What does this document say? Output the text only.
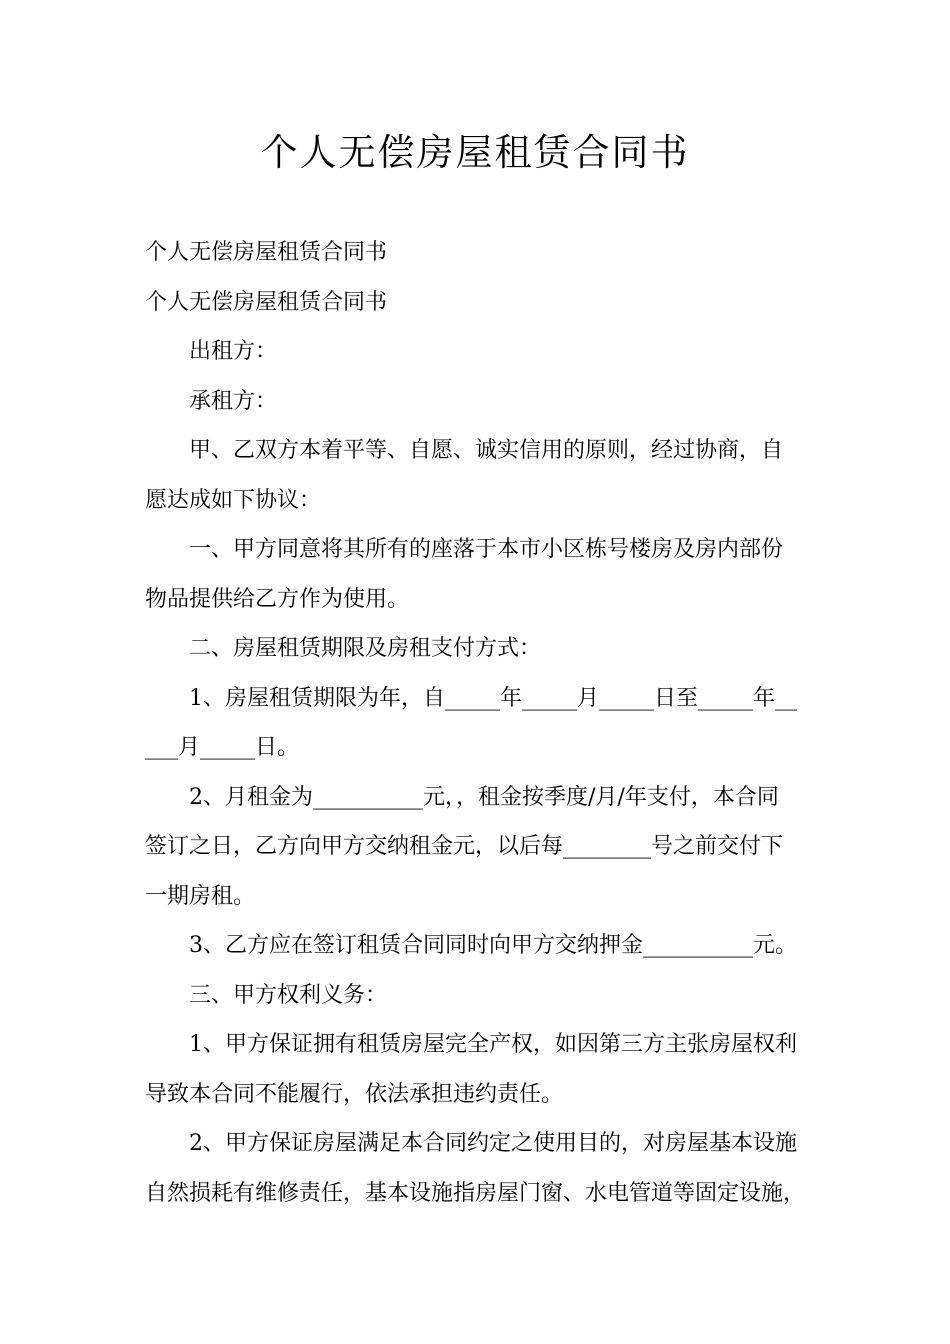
个人无偿房屋租赁合同书
个人无偿房屋租赁合同书
个人无偿房屋租赁合同书
出租方：
承租方：
甲、乙双方本着平等、自愿、诚实信用的原则，经过协商，自
愿达成如下协议：
一、甲方同意将其所有的座落于本市小区栋号楼房及房内部份
物品提供给乙方作为使用。
二、房屋租赁期限及房租支付方式：
1、房屋租赁期限为年，自_____年_____月_____日至_____年__
___月_____日。
2、月租金为__________元，，租金按季度/月/年支付，本合同
签订之日，乙方向甲方交纳租金元，以后每________号之前交付下
一期房租。
3、乙方应在签订租赁合同同时向甲方交纳押金__________元。
三、甲方权利义务：
1、甲方保证拥有租赁房屋完全产权，如因第三方主张房屋权利
导致本合同不能履行，依法承担违约责任。
2、甲方保证房屋满足本合同约定之使用目的，对房屋基本设施
自然损耗有维修责任，基本设施指房屋门窗、水电管道等固定设施，
